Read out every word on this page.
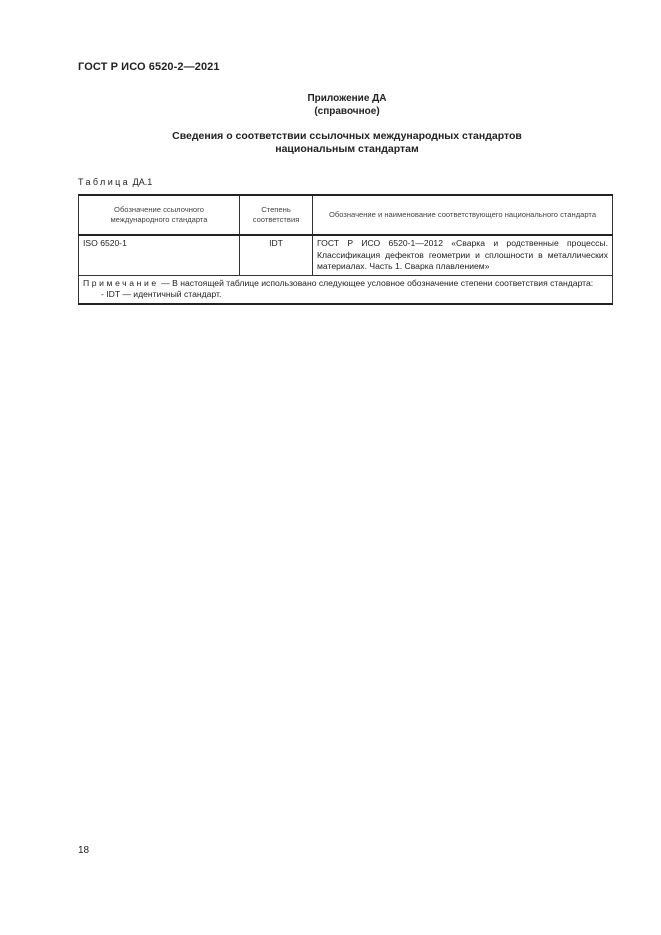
ГОСТ Р ИСО 6520-2—2021
Приложение ДА
(справочное)
Сведения о соответствии ссылочных международных стандартов
национальным стандартам
Таблица ДА.1
Обозначение ссылочного международного стандарта	Степень соответствия	Обозначение и наименование соответствующего национального стандарта
ISO 6520-1	IDT	ГОСТ Р ИСО 6520-1—2012 «Сварка и родственные процессы. Классификация дефектов геометрии и сплошности в металлических материалах. Часть 1. Сварка плавлением»

Примечание — В настоящей таблице использовано следующее условное обозначение степени соответствия стандарта:
- IDT — идентичный стандарт.		
18
